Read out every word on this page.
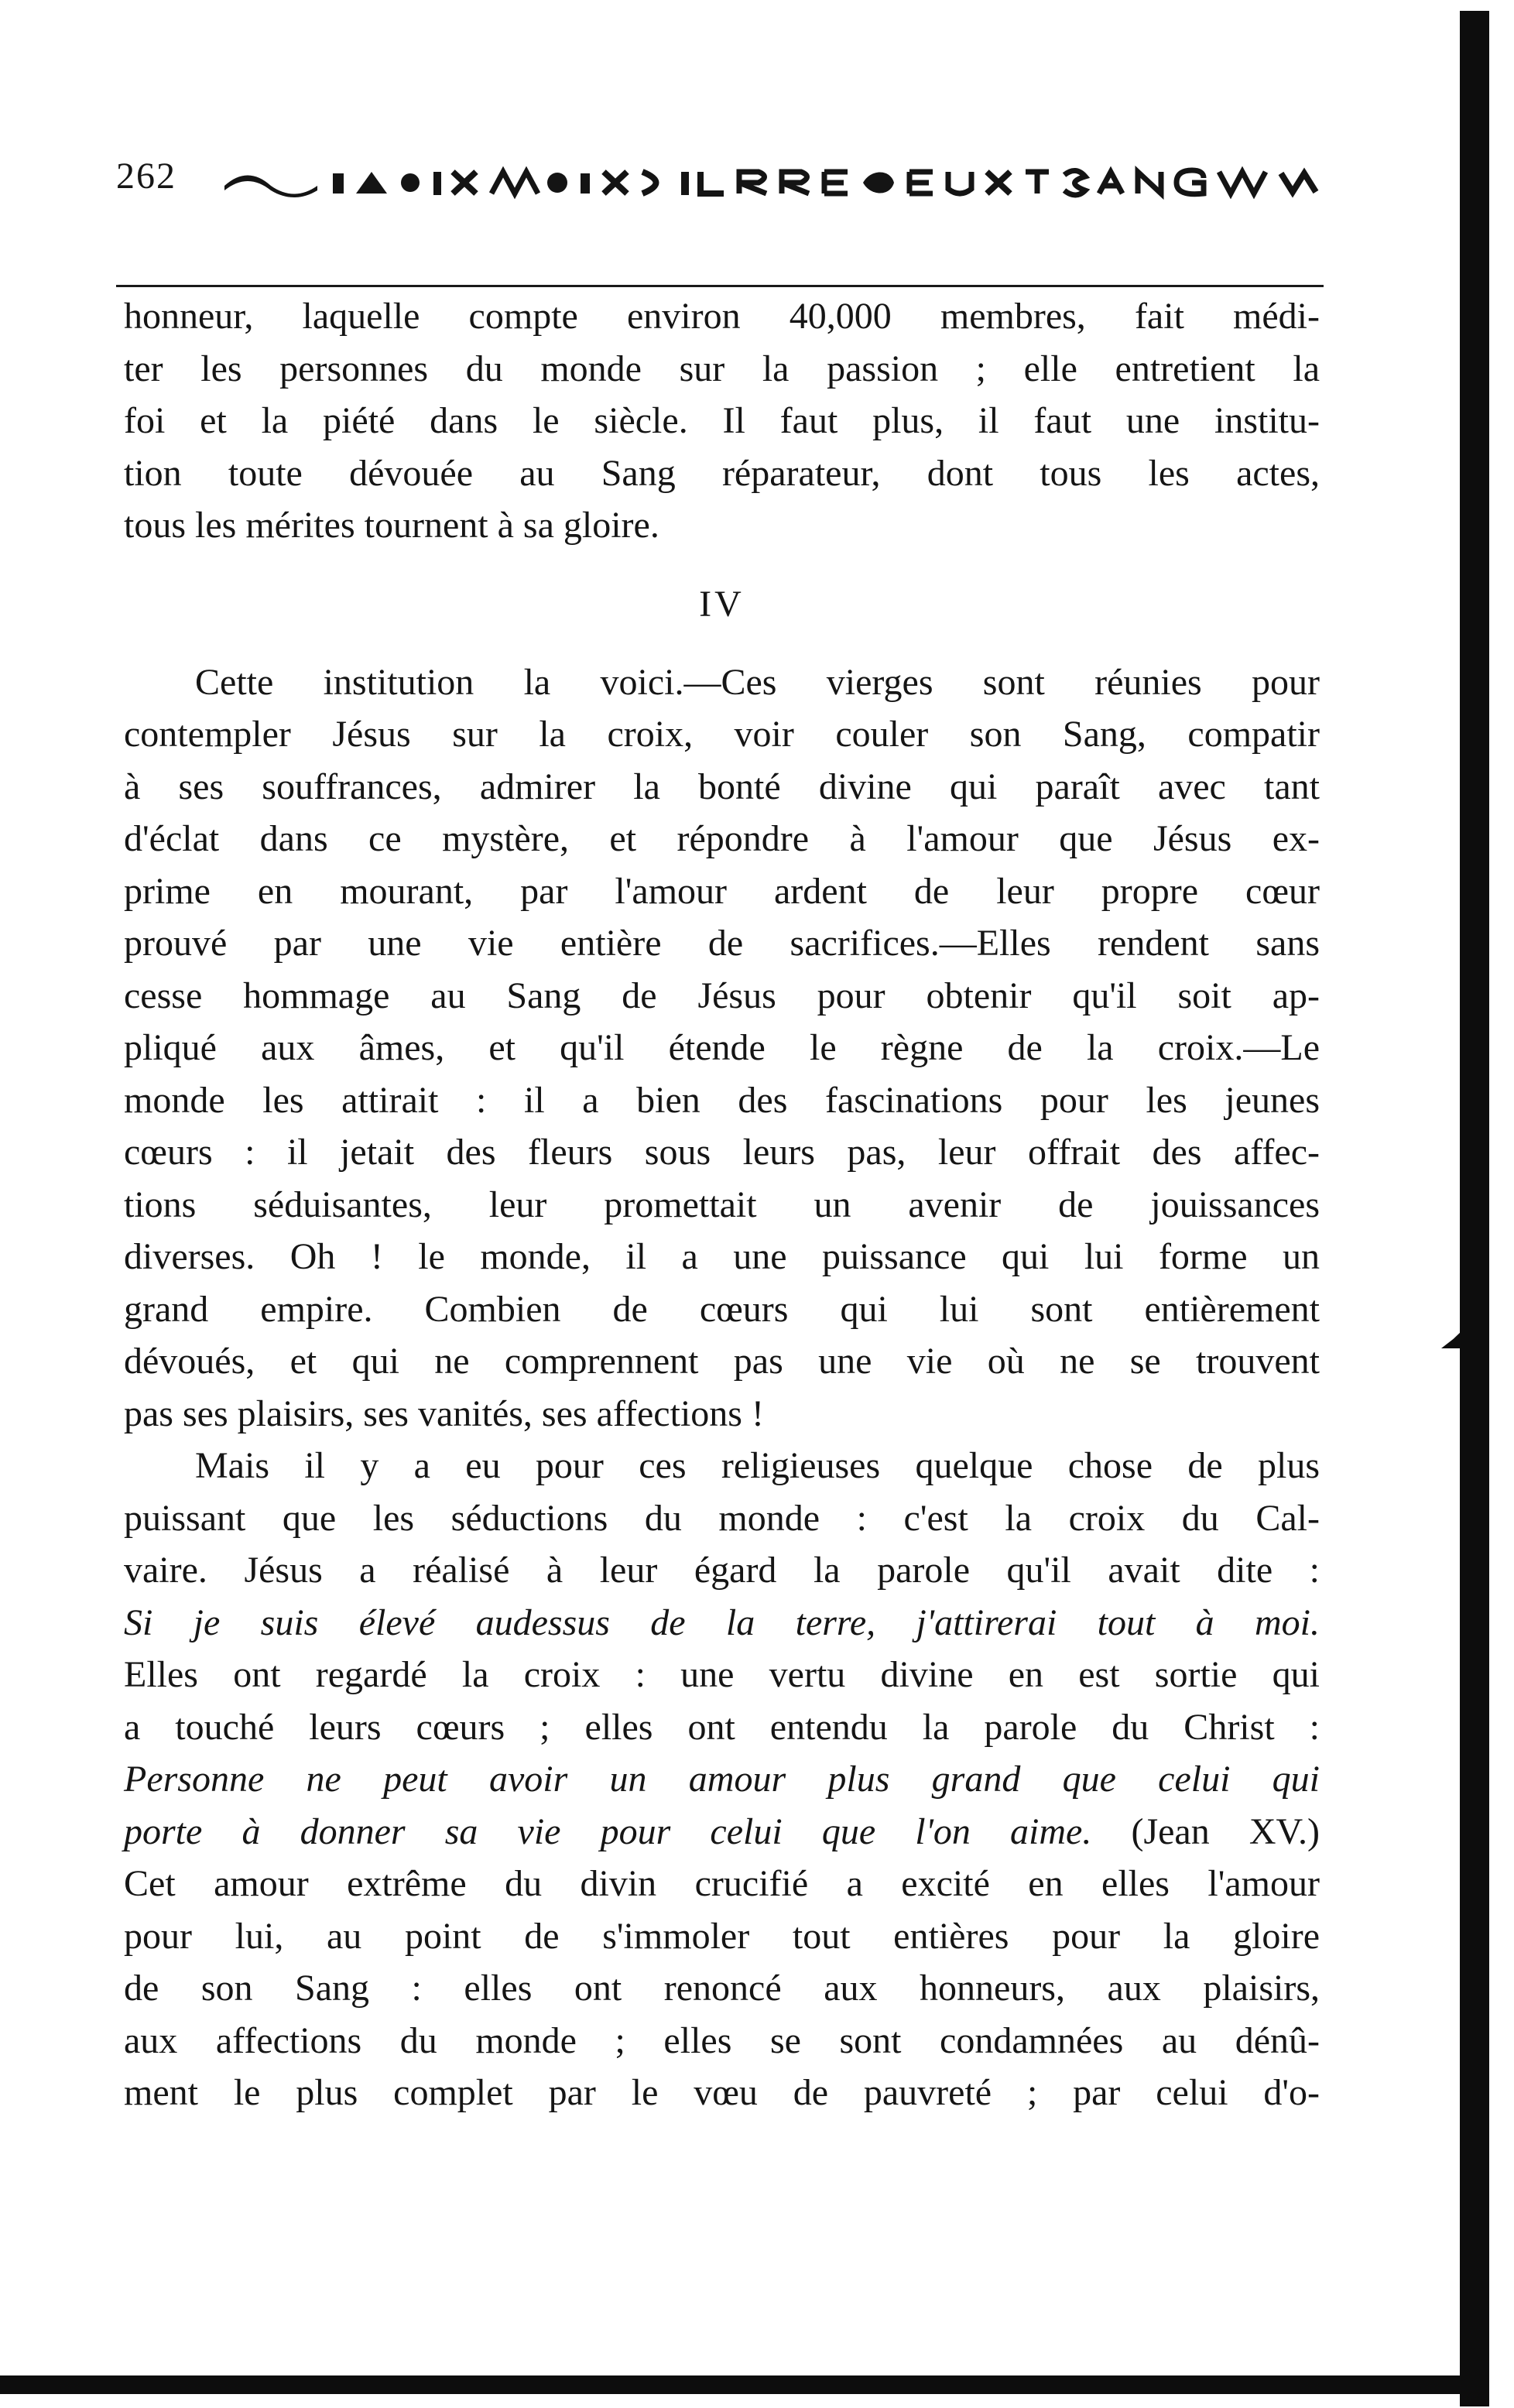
262
honneur, laquelle compte environ 40,000 membres, fait médi-
ter les personnes du monde sur la passion ; elle entretient la
foi et la piété dans le siècle. Il faut plus, il faut une institu-
tion toute dévouée au Sang réparateur, dont tous les actes,
tous les mérites tournent à sa gloire.
IV
Cette institution la voici.—Ces vierges sont réunies pour
contempler Jésus sur la croix, voir couler son Sang, compatir
à ses souffrances, admirer la bonté divine qui paraît avec tant
d'éclat dans ce mystère, et répondre à l'amour que Jésus ex-
prime en mourant, par l'amour ardent de leur propre cœur
prouvé par une vie entière de sacrifices.—Elles rendent sans
cesse hommage au Sang de Jésus pour obtenir qu'il soit ap-
pliqué aux âmes, et qu'il étende le règne de la croix.—Le
monde les attirait : il a bien des fascinations pour les jeunes
cœurs : il jetait des fleurs sous leurs pas, leur offrait des affec-
tions séduisantes, leur promettait un avenir de jouissances
diverses. Oh ! le monde, il a une puissance qui lui forme un
grand empire. Combien de cœurs qui lui sont entièrement
dévoués, et qui ne comprennent pas une vie où ne se trouvent
pas ses plaisirs, ses vanités, ses affections !
Mais il y a eu pour ces religieuses quelque chose de plus
puissant que les séductions du monde : c'est la croix du Cal-
vaire. Jésus a réalisé à leur égard la parole qu'il avait dite :
Si je suis élevé audessus de la terre, j'attirerai tout à moi.
Elles ont regardé la croix : une vertu divine en est sortie qui
a touché leurs cœurs ; elles ont entendu la parole du Christ :
Personne ne peut avoir un amour plus grand que celui qui
porte à donner sa vie pour celui que l'on aime. (Jean XV.)
Cet amour extrême du divin crucifié a excité en elles l'amour
pour lui, au point de s'immoler tout entières pour la gloire
de son Sang : elles ont renoncé aux honneurs, aux plaisirs,
aux affections du monde ; elles se sont condamnées au dénû-
ment le plus complet par le vœu de pauvreté ; par celui d'o-
